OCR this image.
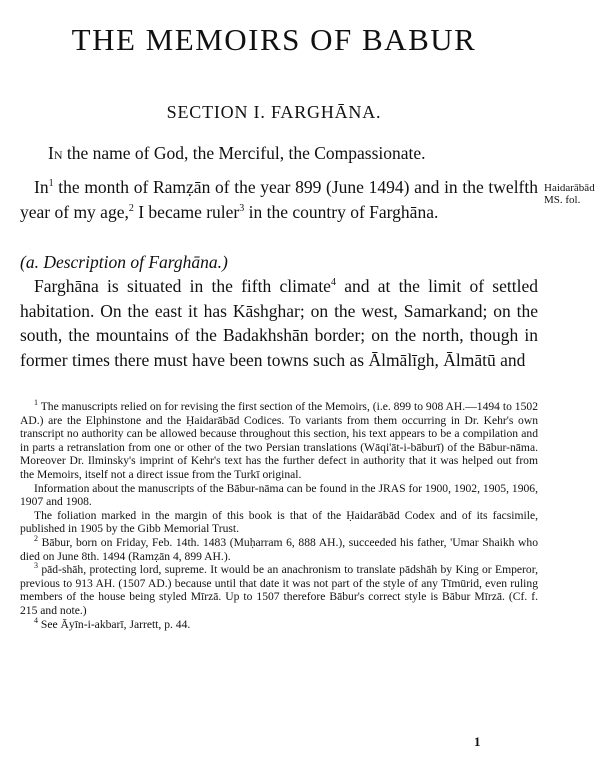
THE MEMOIRS OF BABUR
SECTION I. FARGHĀNA.

In the name of God, the Merciful, the Compassionate.

In$^1$ the month of Ramẓān of the year 899 (June 1494) and in the twelfth year of my age,$^2$ I became ruler$^3$ in the country of Farghāna.

Haidarābād MS. fol.

(a. Description of Farghāna.)

Farghāna is situated in the fifth climate$^4$ and at the limit of settled habitation. On the east it has Kāshghar; on the west, Samarkand; on the south, the mountains of the Badakhshān border; on the north, though in former times there must have been towns such as Ālmālīgh, Ālmātū and

$^1$ The manuscripts relied on for revising the first section of the Memoirs, (i.e. 899 to 908 AH.—1494 to 1502 AD.) are the Elphinstone and the Ḥaidarābād Codices. To variants from them occurring in Dr. Kehr's own transcript no authority can be allowed because throughout this section, his text appears to be a compilation and in parts a retranslation from one or other of the two Persian translations (Wāqi'āt-i-bāburī) of the Bābur-nāma. Moreover Dr. Ilminsky's imprint of Kehr's text has the further defect in authority that it was helped out from the Memoirs, itself not a direct issue from the Turkī original.

Information about the manuscripts of the Bābur-nāma can be found in the JRAS for 1900, 1902, 1905, 1906, 1907 and 1908.

The foliation marked in the margin of this book is that of the Ḥaidarābād Codex and of its facsimile, published in 1905 by the Gibb Memorial Trust.

$^2$ Bābur, born on Friday, Feb. 14th. 1483 (Muḥarram 6, 888 AH.), succeeded his father, 'Umar Shaikh who died on June 8th. 1494 (Ramẓān 4, 899 AH.).

$^3$ pād-shāh, protecting lord, supreme. It would be an anachronism to translate pādshāh by King or Emperor, previous to 913 AH. (1507 AD.) because until that date it was not part of the style of any Tīmūrid, even ruling members of the house being styled Mīrzā. Up to 1507 therefore Bābur's correct style is Bābur Mīrzā. (Cf. f. 215 and note.)

$^4$ See Āyīn-i-akbarī, Jarrett, p. 44.

1
